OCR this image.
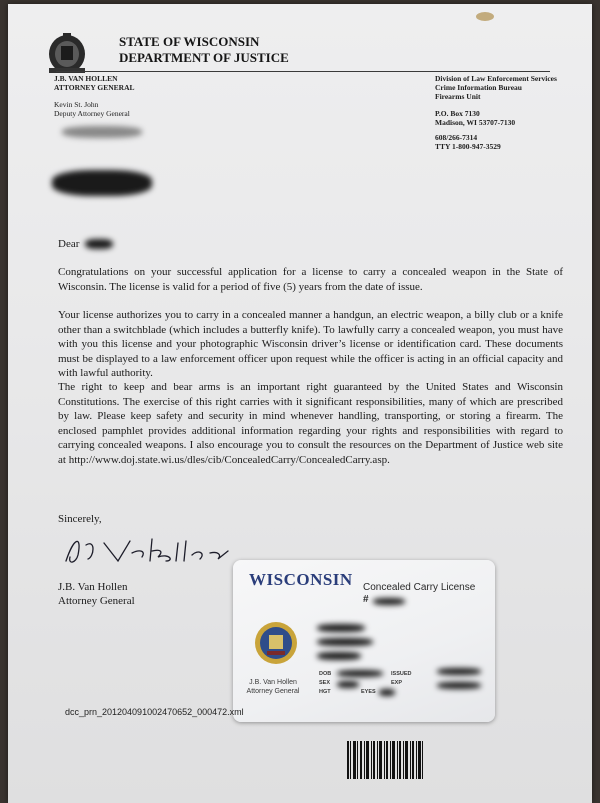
STATE OF WISCONSIN
DEPARTMENT OF JUSTICE
J.B. VAN HOLLEN
ATTORNEY GENERAL
Kevin St. John
Deputy Attorney General
Division of Law Enforcement Services
Crime Information Bureau
Firearms Unit
P.O. Box 7130
Madison, WI 53707-7130
608/266-7314
TTY 1-800-947-3529
Dear
Congratulations on your successful application for a license to carry a concealed weapon in the State of Wisconsin. The license is valid for a period of five (5) years from the date of issue.
Your license authorizes you to carry in a concealed manner a handgun, an electric weapon, a billy club or a knife other than a switchblade (which includes a butterfly knife). To lawfully carry a concealed weapon, you must have with you this license and your photographic Wisconsin driver’s license or identification card. These documents must be displayed to a law enforcement officer upon request while the officer is acting in an official capacity and with lawful authority.
The right to keep and bear arms is an important right guaranteed by the United States and Wisconsin Constitutions. The exercise of this right carries with it significant responsibilities, many of which are prescribed by law. Please keep safety and security in mind whenever handling, transporting, or storing a firearm. The enclosed pamphlet provides additional information regarding your rights and responsibilities with regard to carrying concealed weapons. I also encourage you to consult the resources on the Department of Justice web site at http://www.doj.state.wi.us/dles/cib/ConcealedCarry/ConcealedCarry.asp.
Sincerely,
J.B. Van Hollen
Attorney General
WISCONSIN Concealed Carry License
#
DOB
SEX
HGT	EYES
ISSUED
EXP
J.B. Van Hollen
Attorney General
dcc_prn_20120409100247065​2_000472.xml
